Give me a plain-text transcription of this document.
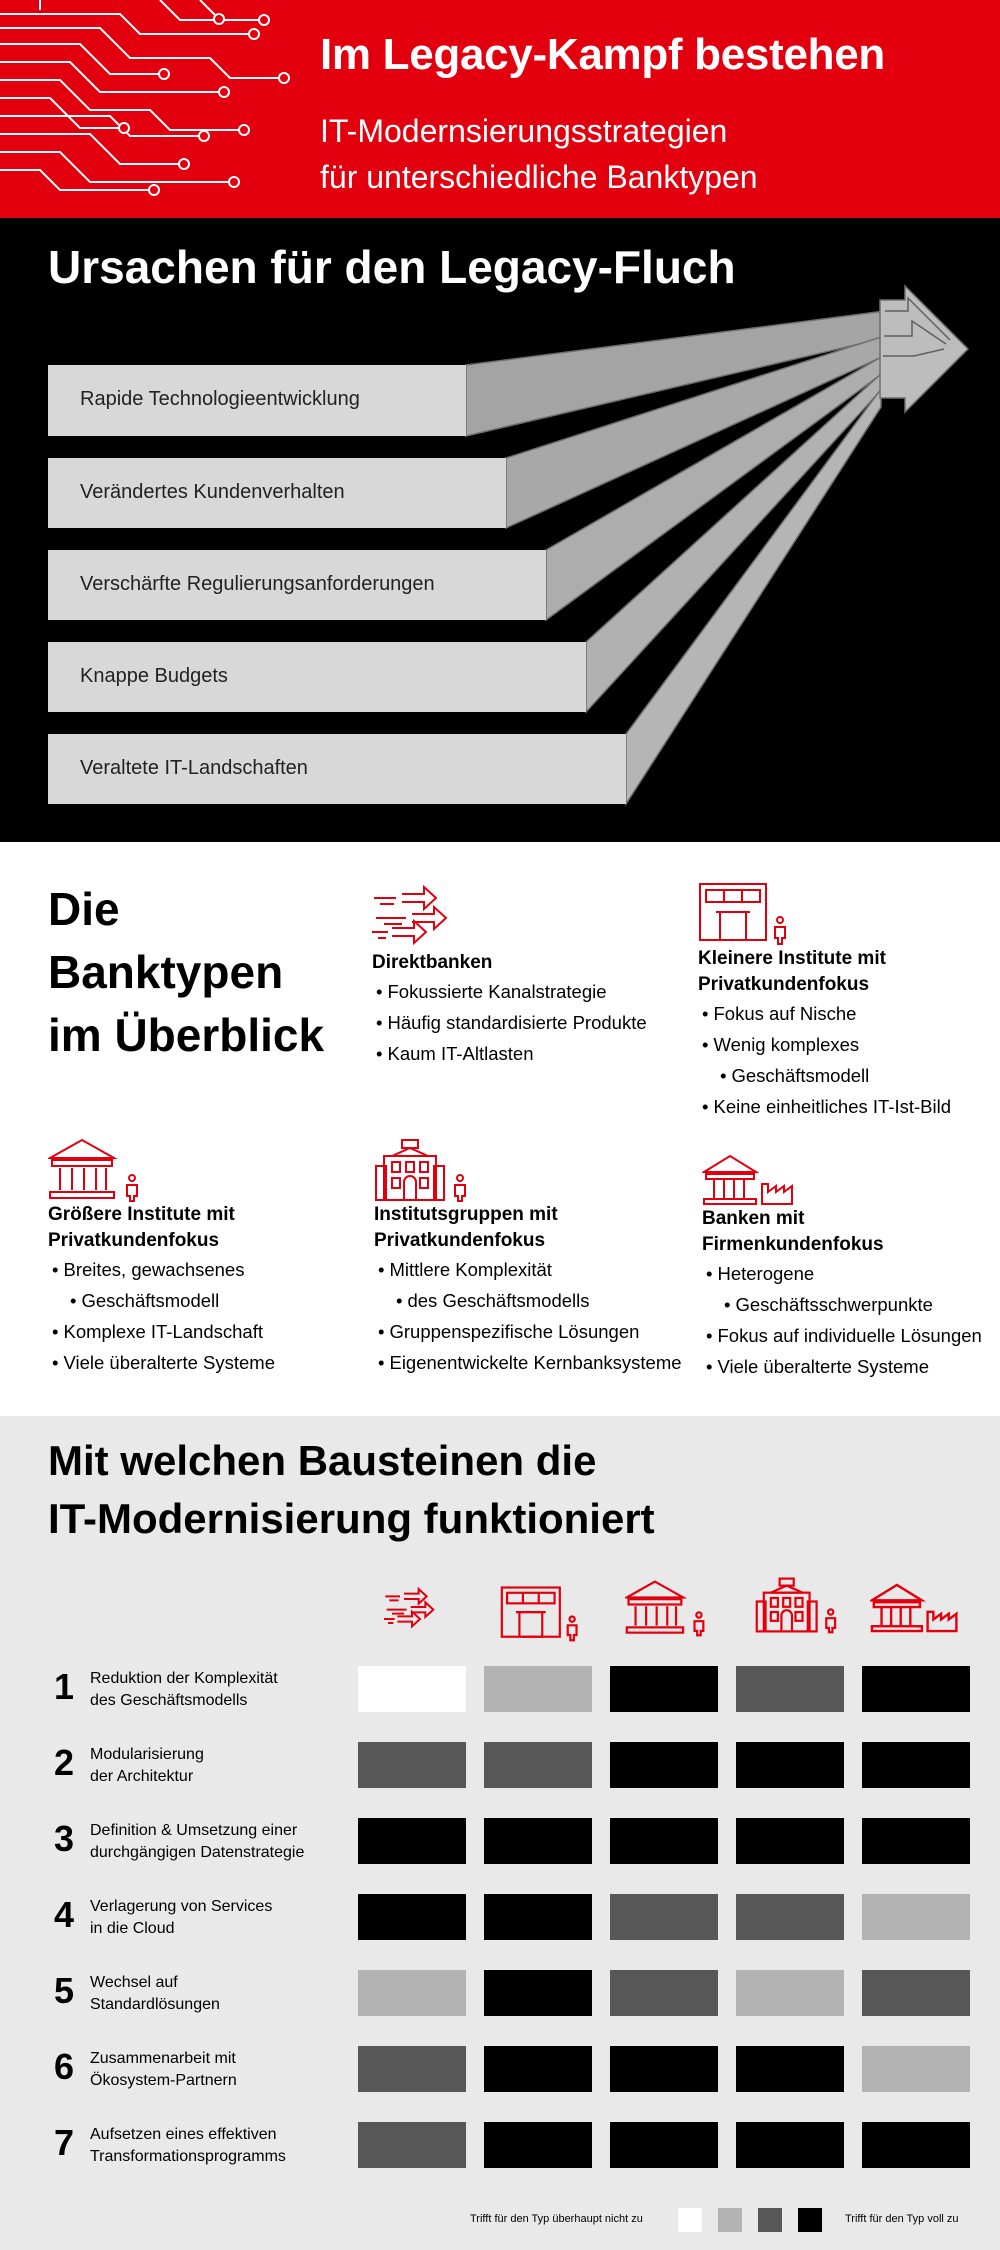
Im Legacy-Kampf bestehen
IT-Modernsierungsstrategien
für unterschiedliche Banktypen
Ursachen für den Legacy-Fluch
Rapide Technologieentwicklung
Verändertes Kundenverhalten
Verschärfte Regulierungsanforderungen
Knappe Budgets
Veraltete IT-Landschaften
Die
Banktypen
im Überblick
Direktbanken
• Fokussierte Kanalstrategie
• Häufig standardisierte Produkte
• Kaum IT-Altlasten
Kleinere Institute mit
Privatkundenfokus
• Fokus auf Nische
• Wenig komplexes
• Geschäftsmodell
• Keine einheitliches IT-Ist-Bild
Größere Institute mit
Privatkundenfokus
• Breites, gewachsenes
• Geschäftsmodell
• Komplexe IT-Landschaft
• Viele überalterte Systeme
Institutsgruppen mit
Privatkundenfokus
• Mittlere Komplexität
• des Geschäftsmodells
• Gruppenspezifische Lösungen
• Eigenentwickelte Kernbanksysteme
Banken mit
Firmenkundenfokus
• Heterogene
• Geschäftsschwerpunkte
• Fokus auf individuelle Lösungen
• Viele überalterte Systeme
Mit welchen Bausteinen die
IT-Modernisierung funktioniert
1 Reduktion der Komplexität
des Geschäftsmodells
2 Modularisierung
der Architektur
3 Definition & Umsetzung einer
durchgängigen Datenstrategie
4 Verlagerung von Services
in die Cloud
5 Wechsel auf
Standardlösungen
6 Zusammenarbeit mit
Ökosystem-Partnern
7 Aufsetzen eines effektiven
Transformationsprogramms
Trifft für den Typ überhaupt nicht zu	Trifft für den Typ voll zu
